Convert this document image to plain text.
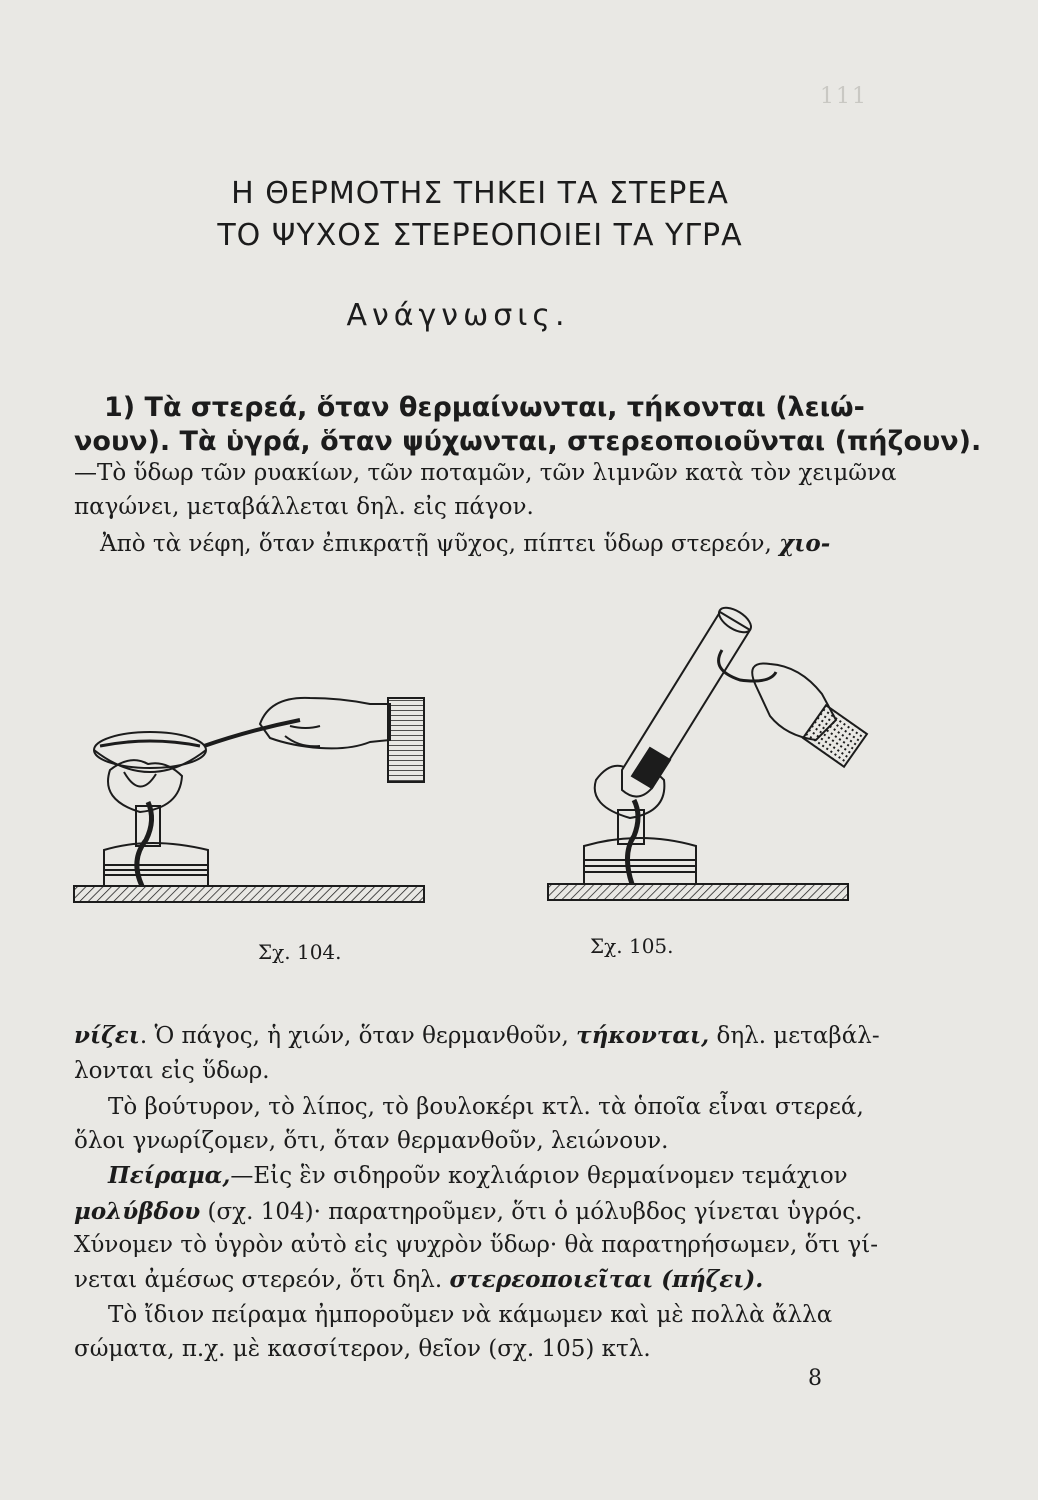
111
Η ΘΕΡΜΟΤΗΣ ΤΗΚΕΙ ΤΑ ΣΤΕΡΕΑ
ΤΟ ΨΥΧΟΣ ΣΤΕΡΕΟΠΟΙΕΙ ΤΑ ΥΓΡΑ
Ανάγνωσις.
1) Τὰ στερεά, ὅταν θερμαίνωνται, τήκονται (λειώ-
νουν). Τὰ ὑγρά, ὅταν ψύχωνται, στερεοποιοῦνται (πήζουν).
—Τὸ ὕδωρ τῶν ρυακίων, τῶν ποταμῶν, τῶν λιμνῶν κατὰ τὸν χειμῶνα
παγώνει, μεταβάλλεται δηλ. εἰς πάγον.
Ἀπὸ τὰ νέφη, ὅταν ἐπικρατῇ ψῦχος, πίπτει ὕδωρ στερεόν, χιο-
Σχ. 104.	Σχ. 105.
νίζει. Ὁ πάγος, ἡ χιών, ὅταν θερμανθοῦν, τήκονται, δηλ. μεταβάλ-
λονται εἰς ὕδωρ.
Τὸ βούτυρον, τὸ λίπος, τὸ βουλοκέρι κτλ. τὰ ὁποῖα εἶναι στερεά,
ὅλοι γνωρίζομεν, ὅτι, ὅταν θερμανθοῦν, λειώνουν.
Πείραμα,—Εἰς ἓν σιδηροῦν κοχλιάριον θερμαίνομεν τεμάχιον
μολύβδου (σχ. 104)· παρατηροῦμεν, ὅτι ὁ μόλυβδος γίνεται ὑγρός.
Χύνομεν τὸ ὑγρὸν αὐτὸ εἰς ψυχρὸν ὕδωρ· θὰ παρατηρήσωμεν, ὅτι γί-
νεται ἀμέσως στερεόν, ὅτι δηλ. στερεοποιεῖται (πήζει).
Τὸ ἴδιον πείραμα ἠμποροῦμεν νὰ κάμωμεν καὶ μὲ πολλὰ ἄλλα
σώματα, π.χ. μὲ κασσίτερον, θεῖον (σχ. 105) κτλ.
8
